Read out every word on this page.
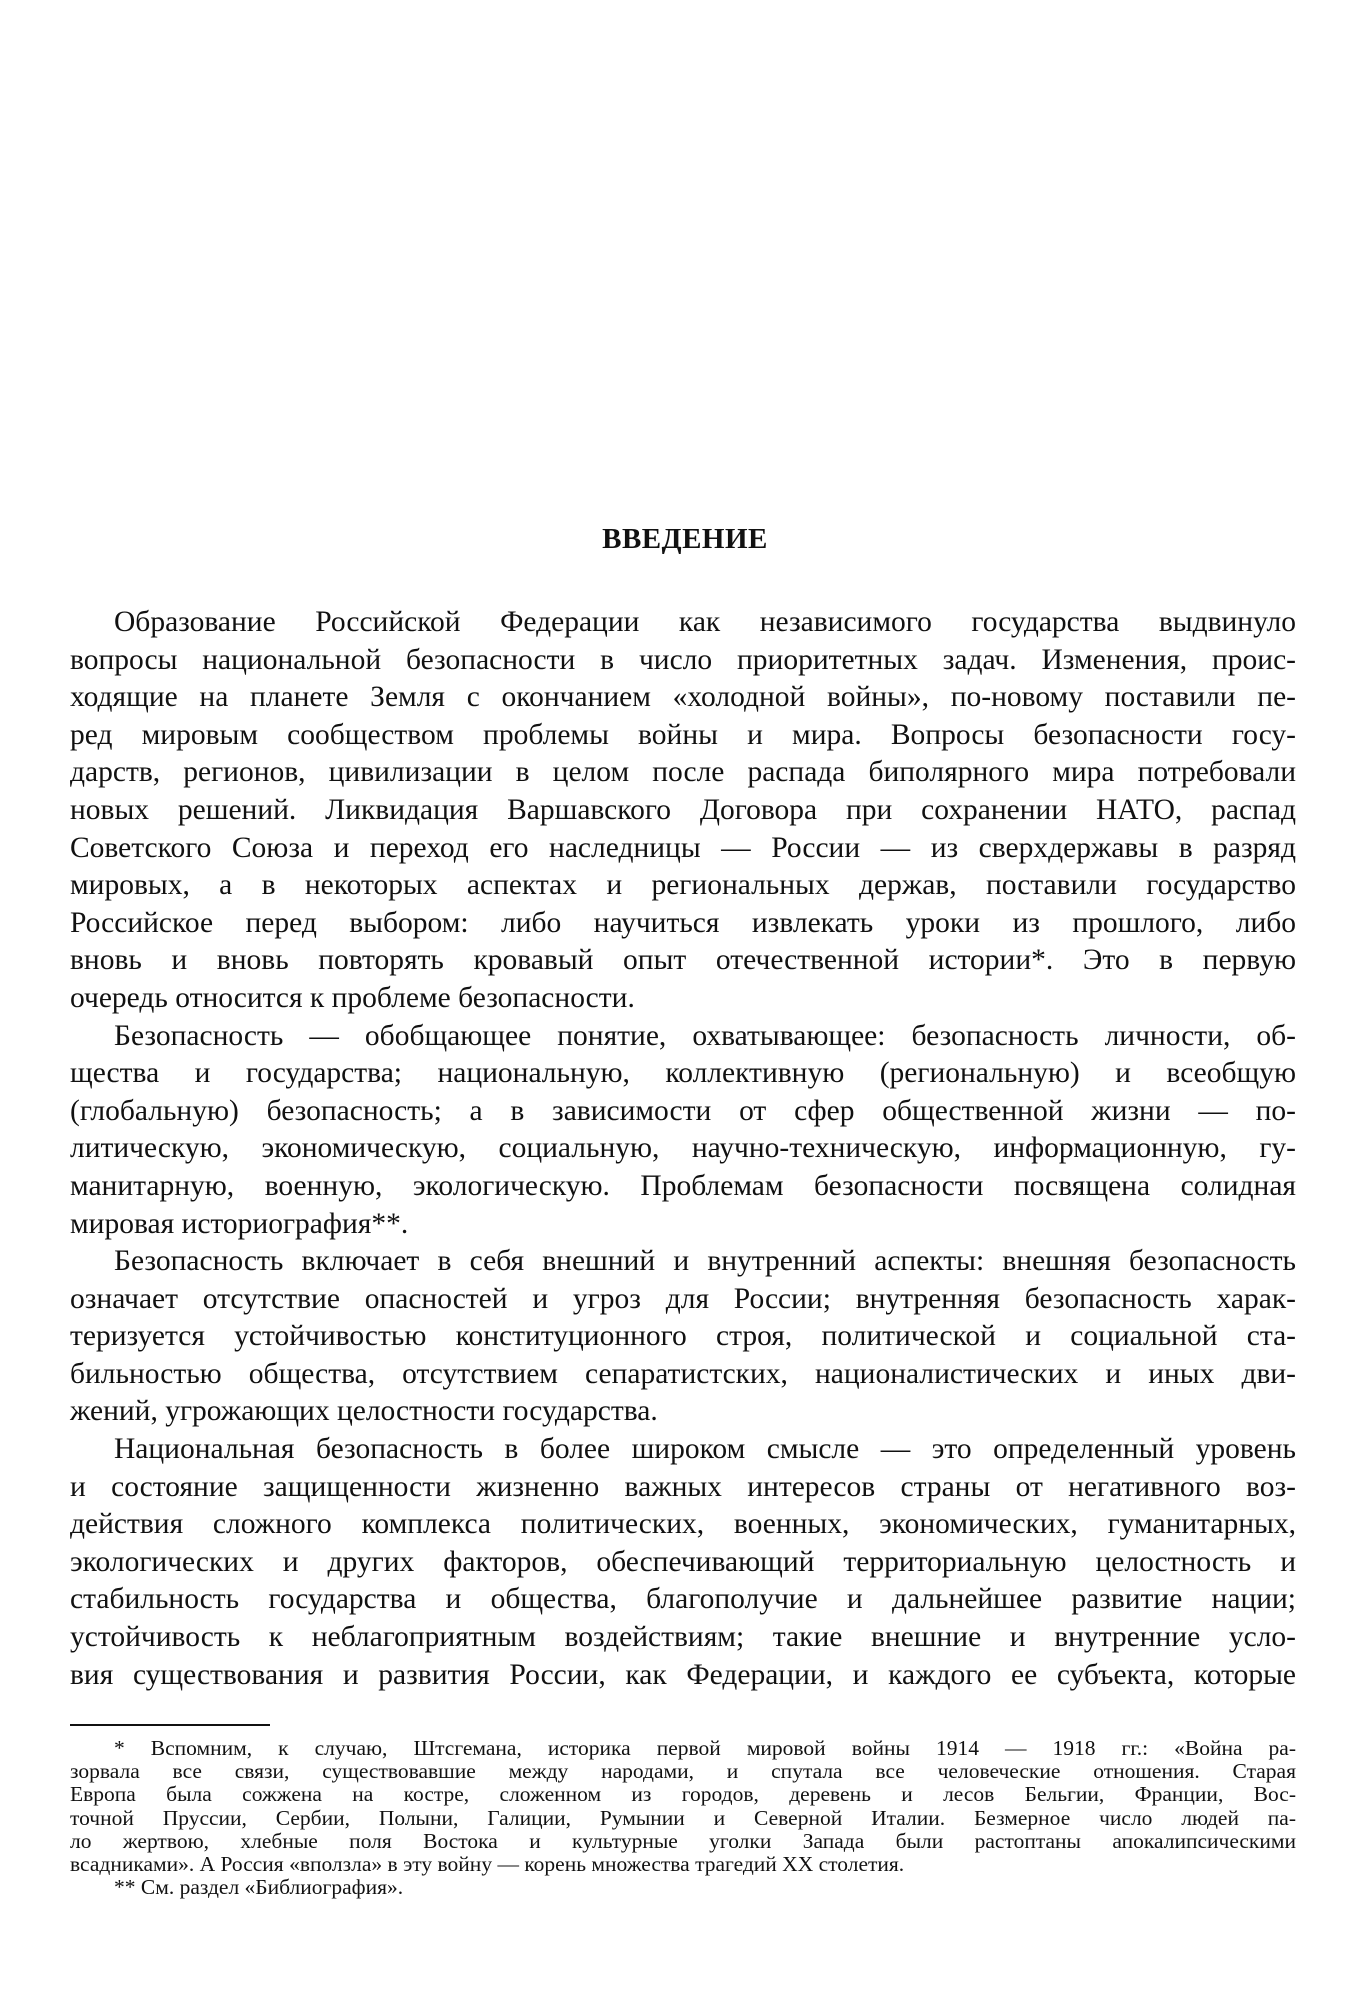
ВВЕДЕНИЕ
Образование Российской Федерации как независимого государства выдвинуло
вопросы национальной безопасности в число приоритетных задач. Изменения, проис-
ходящие на планете Земля с окончанием «холодной войны», по-новому поставили пе-
ред мировым сообществом проблемы войны и мира. Вопросы безопасности госу-
дарств, регионов, цивилизации в целом после распада биполярного мира потребовали
новых решений. Ликвидация Варшавского Договора при сохранении НАТО, распад
Советского Союза и переход его наследницы — России — из сверхдержавы в разряд
мировых, а в некоторых аспектах и региональных держав, поставили государство
Российское перед выбором: либо научиться извлекать уроки из прошлого, либо
вновь и вновь повторять кровавый опыт отечественной истории*. Это в первую
очередь относится к проблеме безопасности.
Безопасность — обобщающее понятие, охватывающее: безопасность личности, об-
щества и государства; национальную, коллективную (региональную) и всеобщую
(глобальную) безопасность; а в зависимости от сфер общественной жизни — по-
литическую, экономическую, социальную, научно-техническую, информационную, гу-
манитарную, военную, экологическую. Проблемам безопасности посвящена солидная
мировая историография**.
Безопасность включает в себя внешний и внутренний аспекты: внешняя безопасность
означает отсутствие опасностей и угроз для России; внутренняя безопасность харак-
теризуется устойчивостью конституционного строя, политической и социальной ста-
бильностью общества, отсутствием сепаратистских, националистических и иных дви-
жений, угрожающих целостности государства.
Национальная безопасность в более широком смысле — это определенный уровень
и состояние защищенности жизненно важных интересов страны от негативного воз-
действия сложного комплекса политических, военных, экономических, гуманитарных,
экологических и других факторов, обеспечивающий территориальную целостность и
стабильность государства и общества, благополучие и дальнейшее развитие нации;
устойчивость к неблагоприятным воздействиям; такие внешние и внутренние усло-
вия существования и развития России, как Федерации, и каждого ее субъекта, которые
* Вспомним, к случаю, Штсгемана, историка первой мировой войны 1914 — 1918 гг.: «Война ра-
зорвала все связи, существовавшие между народами, и спутала все человеческие отношения. Старая
Европа была сожжена на костре, сложенном из городов, деревень и лесов Бельгии, Франции, Вос-
точной Пруссии, Сербии, Полыни, Галиции, Румынии и Северной Италии. Безмерное число людей па-
ло жертвою, хлебные поля Востока и культурные уголки Запада были растоптаны апокалипсическими
всадниками». А Россия «вползла» в эту войну — корень множества трагедий XX столетия.
** См. раздел «Библиография».
